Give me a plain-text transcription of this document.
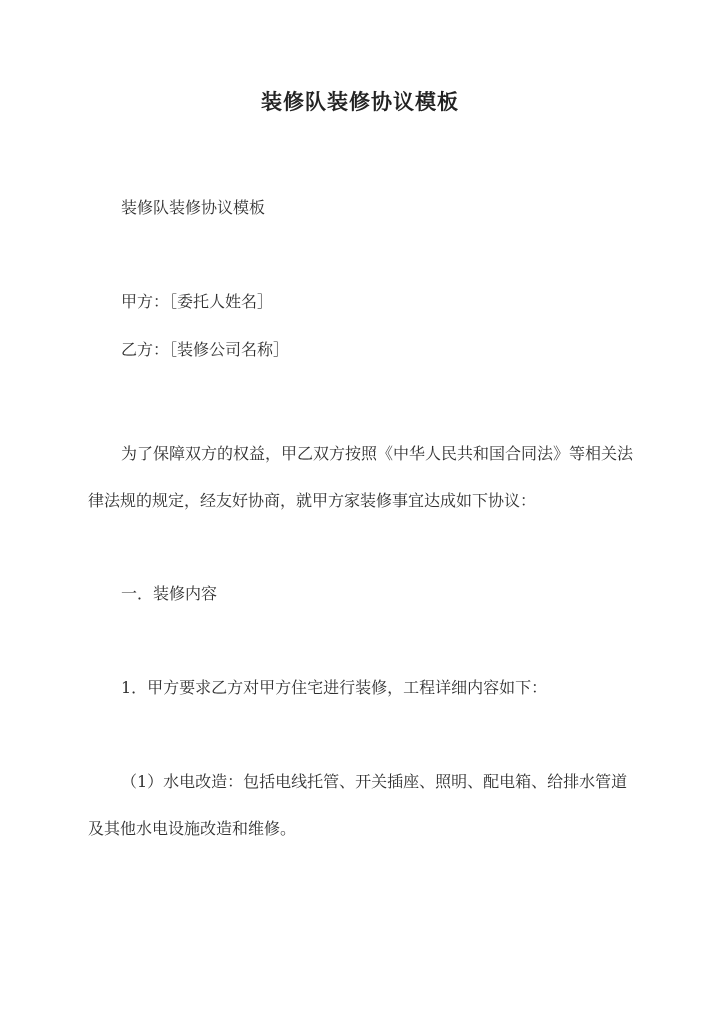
装修队装修协议模板
装修队装修协议模板
甲方：［委托人姓名］
乙方：［装修公司名称］
为了保障双方的权益，甲乙双方按照《中华人民共和国合同法》等相关法律法规的规定，经友好协商，就甲方家装修事宜达成如下协议：
一．装修内容
1．甲方要求乙方对甲方住宅进行装修，工程详细内容如下：
（1）水电改造：包括电线托管、开关插座、照明、配电箱、给排水管道及其他水电设施改造和维修。
